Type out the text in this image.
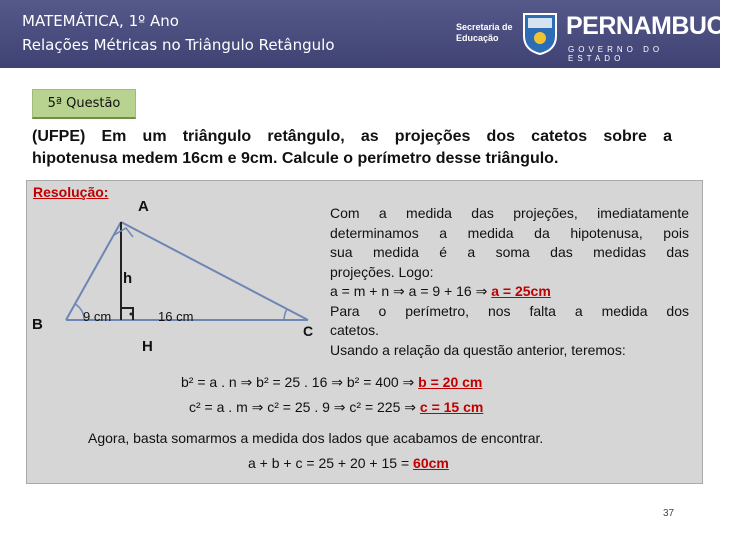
MATEMÁTICA, 1º Ano
Relações Métricas no Triângulo Retângulo
Secretaria de Educação	PERNAMBUCO
GOVERNO DO ESTADO
5ª Questão
(UFPE) Em um triângulo retângulo, as projeções dos catetos sobre a
hipotenusa medem 16cm e 9cm. Calcule o perímetro desse triângulo.
Resolução:
A
B	C
H
h
9 cm	16 cm
Com a medida das projeções, imediatamente
determinamos a medida da hipotenusa, pois
sua medida é a soma das medidas das
projeções. Logo:
a = m + n ⇒ a = 9 + 16 ⇒ a = 25cm
Para o perímetro, nos falta a medida dos
catetos.
Usando a relação da questão anterior, teremos:
b² = a . n ⇒ b² = 25 . 16 ⇒ b² = 400 ⇒ b = 20 cm
c² = a . m ⇒ c² = 25 . 9 ⇒ c² = 225 ⇒ c = 15 cm
Agora, basta somarmos a medida dos lados que acabamos de encontrar.
a + b + c = 25 + 20 + 15 = 60cm
37
